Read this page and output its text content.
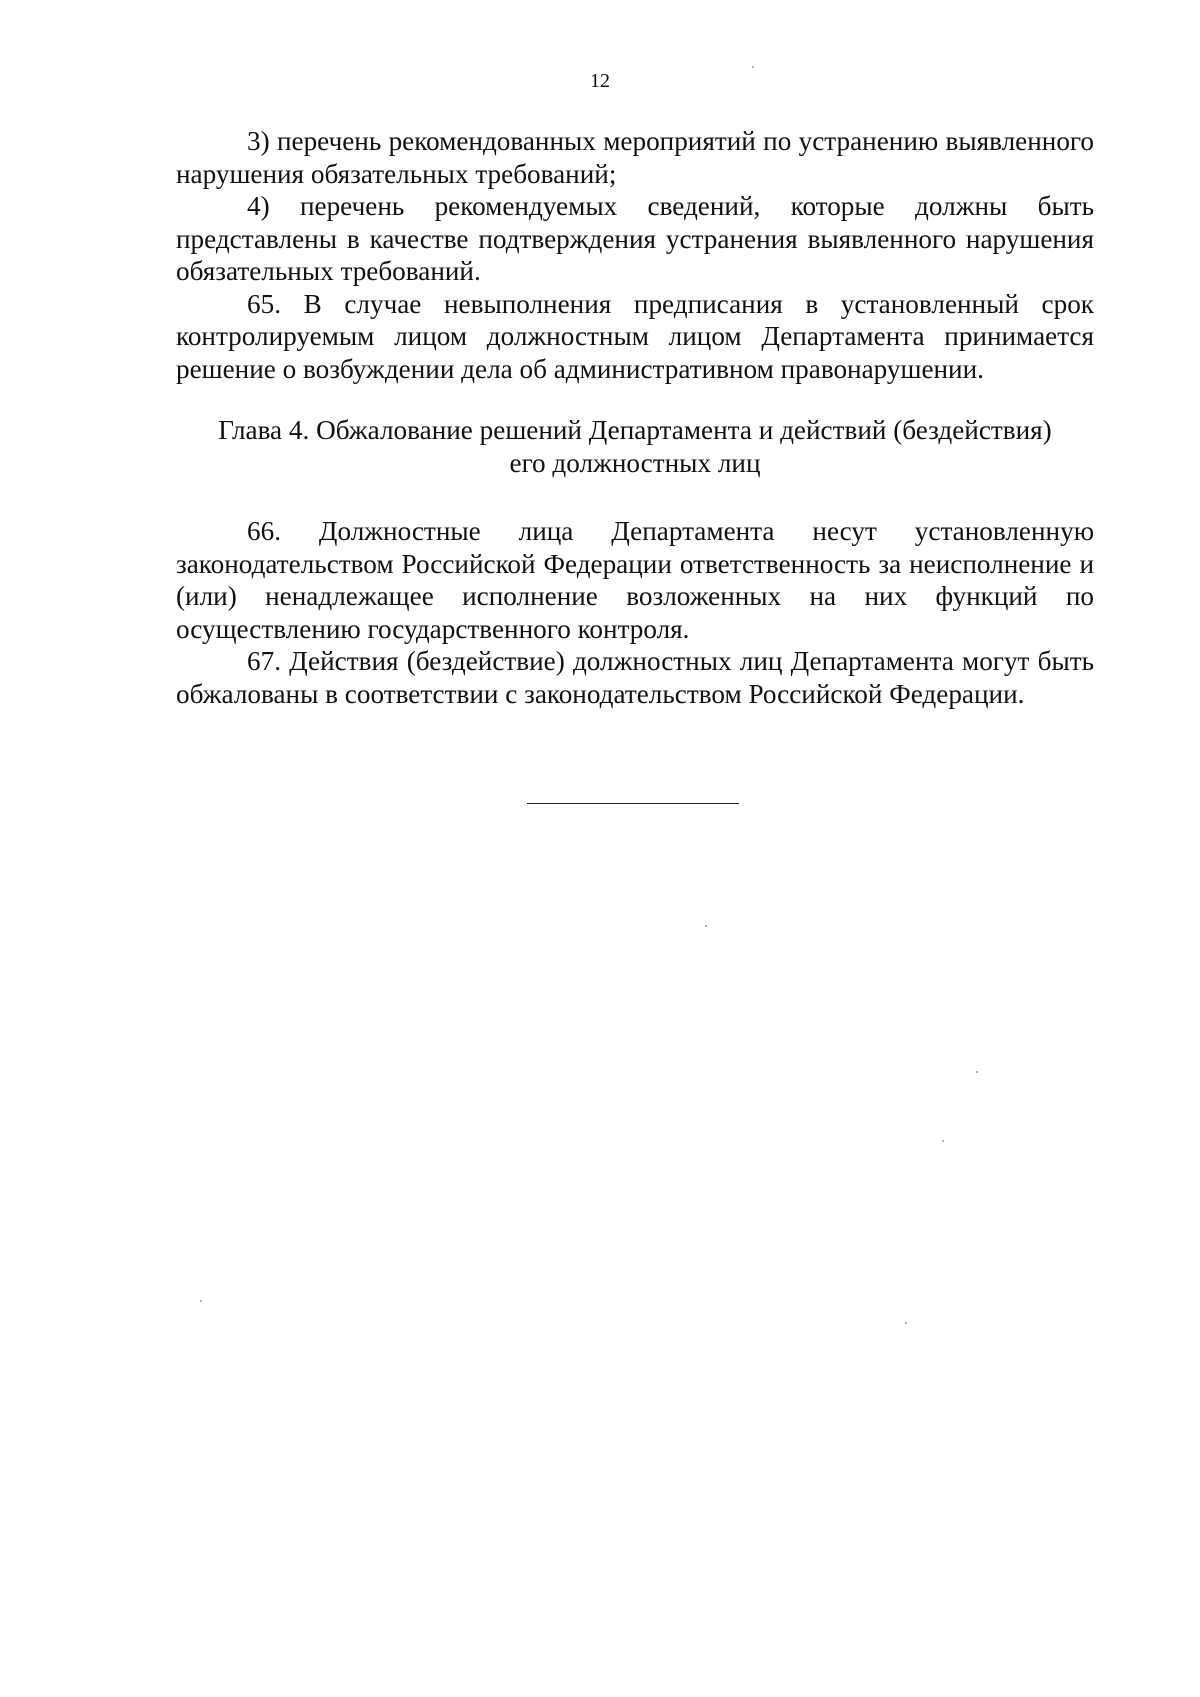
12

3) перечень рекомендованных мероприятий по устранению выявленного нарушения обязательных требований;

4) перечень рекомендуемых сведений, которые должны быть представлены в качестве подтверждения устранения выявленного нарушения обязательных требований.

65. В случае невыполнения предписания в установленный срок контролируемым лицом должностным лицом Департамента принимается решение о возбуждении дела об административном правонарушении.

Глава 4. Обжалование решений Департамента и действий (бездействия)
его должностных лиц

66. Должностные лица Департамента несут установленную законодательством Российской Федерации ответственность за неисполнение и (или) ненадлежащее исполнение возложенных на них функций по осуществлению государственного контроля.

67. Действия (бездействие) должностных лиц Департамента могут быть обжалованы в соответствии с законодательством Российской Федерации.
